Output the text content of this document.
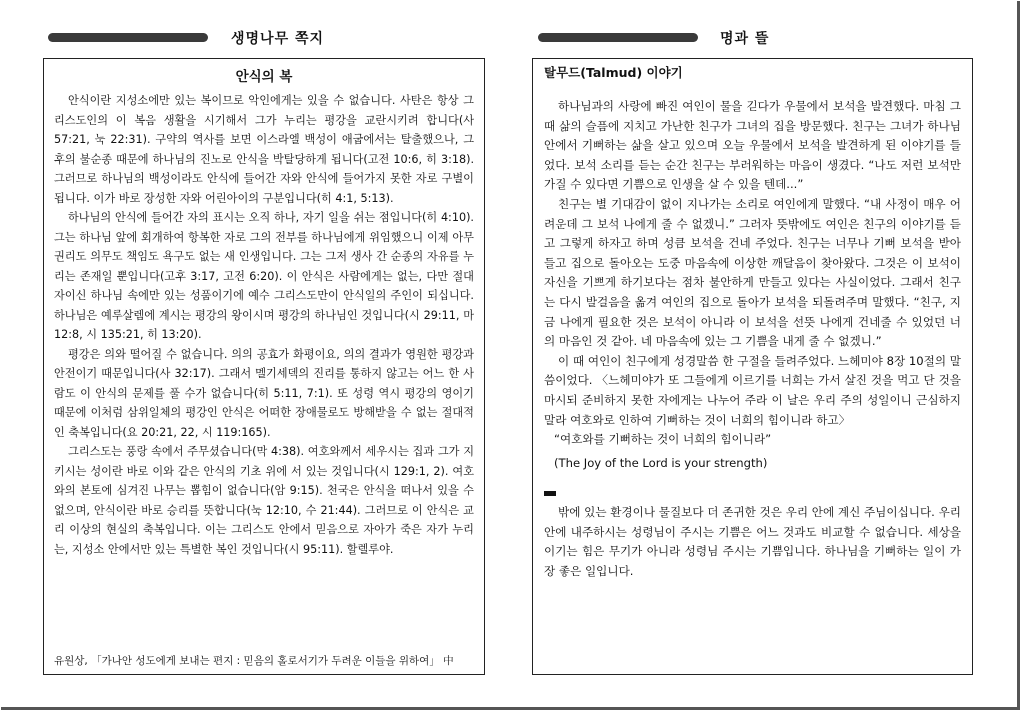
생명나무 쪽지	명과 뜰
안식의 복

안식이란 지성소에만 있는 복이므로 악인에게는 있을 수 없습니다. 사탄은 항상 그리스도인의 이 복음 생활을 시기해서 그가 누리는 평강을 교란시키려 합니다(사 57:21, 눅 22:31). 구약의 역사를 보면 이스라엘 백성이 애굽에서는 탈출했으나, 그 후의 불순종 때문에 하나님의 진노로 안식을 박탈당하게 됩니다(고전 10:6, 히 3:18). 그러므로 하나님의 백성이라도 안식에 들어간 자와 안식에 들어가지 못한 자로 구별이 됩니다. 이가 바로 장성한 자와 어린아이의 구분입니다(히 4:1, 5:13).

하나님의 안식에 들어간 자의 표시는 오직 하나, 자기 일을 쉬는 점입니다(히 4:10). 그는 하나님 앞에 회개하여 항복한 자로 그의 전부를 하나님에게 위임했으니 이제 아무 권리도 의무도 책임도 욕구도 없는 새 인생입니다. 그는 그저 생사 간 순종의 자유를 누리는 존재일 뿐입니다(고후 3:17, 고전 6:20). 이 안식은 사람에게는 없는, 다만 절대자이신 하나님 속에만 있는 성품이기에 예수 그리스도만이 안식일의 주인이 되십니다. 하나님은 예루살렘에 계시는 평강의 왕이시며 평강의 하나님인 것입니다(시 29:11, 마 12:8, 시 135:21, 히 13:20).

평강은 의와 떨어질 수 없습니다. 의의 공효가 화평이요, 의의 결과가 영원한 평강과 안전이기 때문입니다(사 32:17). 그래서 멜기세덱의 진리를 통하지 않고는 어느 한 사람도 이 안식의 문제를 풀 수가 없습니다(히 5:11, 7:1). 또 성령 역시 평강의 영이기 때문에 이처럼 삼위일체의 평강인 안식은 어떠한 장애물로도 방해받을 수 없는 절대적인 축복입니다(요 20:21, 22, 시 119:165).

그리스도는 풍랑 속에서 주무셨습니다(막 4:38). 여호와께서 세우시는 집과 그가 지키시는 성이란 바로 이와 같은 안식의 기초 위에 서 있는 것입니다(시 129:1, 2). 여호와의 본토에 심겨진 나무는 뽑힘이 없습니다(암 9:15). 천국은 안식을 떠나서 있을 수 없으며, 안식이란 바로 승리를 뜻합니다(눅 12:10, 수 21:44). 그러므로 이 안식은 교리 이상의 현실의 축복입니다. 이는 그리스도 안에서 믿음으로 자아가 죽은 자가 누리는, 지성소 안에서만 있는 특별한 복인 것입니다(시 95:11). 할렐루야.

유원상, 「가나안 성도에게 보내는 편지 : 믿음의 홀로서기가 두려운 이들을 위하여」 中
탈무드(Talmud) 이야기

하나님과의 사랑에 빠진 여인이 물을 긷다가 우물에서 보석을 발견했다. 마침 그 때 삶의 슬픔에 지치고 가난한 친구가 그녀의 집을 방문했다. 친구는 그녀가 하나님 안에서 기뻐하는 삶을 살고 있으며 오늘 우물에서 보석을 발견하게 된 이야기를 들었다. 보석 소리를 듣는 순간 친구는 부러워하는 마음이 생겼다. “나도 저런 보석만 가질 수 있다면 기쁨으로 인생을 살 수 있을 텐데...”

친구는 별 기대감이 없이 지나가는 소리로 여인에게 말했다. “내 사정이 매우 어려운데 그 보석 나에게 줄 수 없겠니.” 그러자 뜻밖에도 여인은 친구의 이야기를 듣고 그렇게 하자고 하며 성큼 보석을 건네 주었다. 친구는 너무나 기뻐 보석을 받아들고 집으로 돌아오는 도중 마음속에 이상한 깨달음이 찾아왔다. 그것은 이 보석이 자신을 기쁘게 하기보다는 점차 불안하게 만들고 있다는 사실이었다. 그래서 친구는 다시 발걸음을 옮겨 여인의 집으로 돌아가 보석을 되돌려주며 말했다. “친구, 지금 나에게 필요한 것은 보석이 아니라 이 보석을 선뜻 나에게 건네줄 수 있었던 너의 마음인 것 같아. 네 마음속에 있는 그 기쁨을 내게 줄 수 없겠니.”

이 때 여인이 친구에게 성경말씀 한 구절을 들려주었다. 느헤미야 8장 10절의 말씀이었다. 〈느헤미야가 또 그들에게 이르기를 너희는 가서 살진 것을 먹고 단 것을 마시되 준비하지 못한 자에게는 나누어 주라 이 날은 우리 주의 성일이니 근심하지 말라 여호와로 인하여 기뻐하는 것이 너희의 힘이니라 하고〉

“여호와를 기뻐하는 것이 너희의 힘이니라”

(The Joy of the Lord is your strength)

밖에 있는 환경이나 물질보다 더 존귀한 것은 우리 안에 계신 주님이십니다. 우리 안에 내주하시는 성령님이 주시는 기쁨은 어느 것과도 비교할 수 없습니다. 세상을 이기는 힘은 무기가 아니라 성령님 주시는 기쁨입니다. 하나님을 기뻐하는 일이 가장 좋은 일입니다.
